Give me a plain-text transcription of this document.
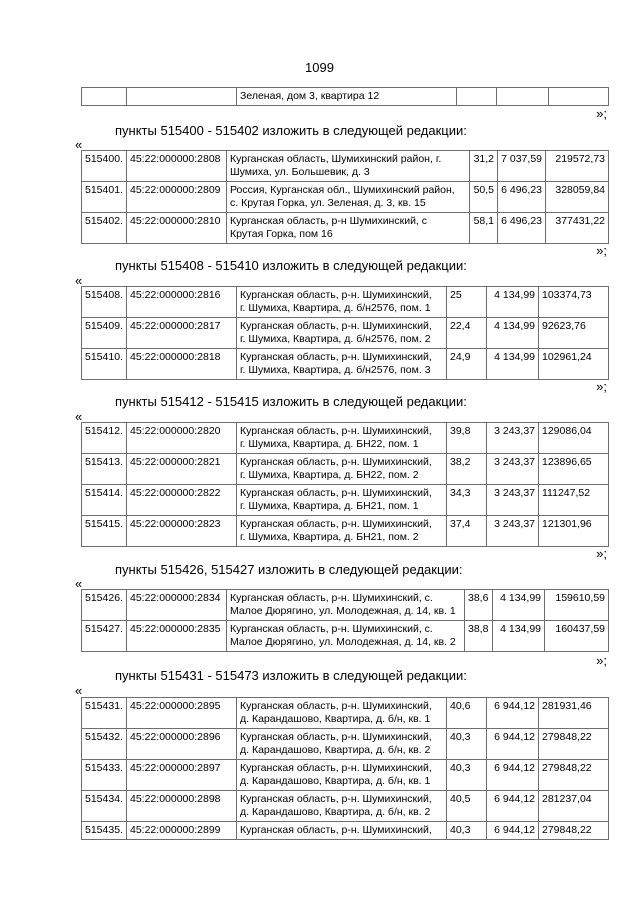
1099
		Зеленая, дом 3, квартира 12			
»;
пункты 515400 - 515402 изложить в следующей редакции:
«
515400.	45:22:000000:2808	Курганская область, Шумихинский район, г.
Шумиха, ул. Большевик, д. 3	31,2	7 037,59	219572,73
515401.	45:22:000000:2809	Россия, Курганская обл., Шумихинский район,
с. Крутая Горка, ул. Зеленая, д. 3, кв. 15	50,5	6 496,23	328059,84
515402.	45:22:000000:2810	Курганская область, р-н Шумихинский, с
Крутая Горка, пом 16	58,1	6 496,23	377431,22
»;
пункты 515408 - 515410 изложить в следующей редакции:
«
515408.	45:22:000000:2816	Курганская область, р-н. Шумихинский,
г. Шумиха, Квартира, д. б/н2576, пом. 1	25	4 134,99	103374,73
515409.	45:22:000000:2817	Курганская область, р-н. Шумихинский,
г. Шумиха, Квартира, д. б/н2576, пом. 2	22,4	4 134,99	92623,76
515410.	45:22:000000:2818	Курганская область, р-н. Шумихинский,
г. Шумиха, Квартира, д. б/н2576, пом. 3	24,9	4 134,99	102961,24
»;
пункты 515412 - 515415 изложить в следующей редакции:
«
515412.	45:22:000000:2820	Курганская область, р-н. Шумихинский,
г. Шумиха, Квартира, д. БН22, пом. 1	39,8	3 243,37	129086,04
515413.	45:22:000000:2821	Курганская область, р-н. Шумихинский,
г. Шумиха, Квартира, д. БН22, пом. 2	38,2	3 243,37	123896,65
515414.	45:22:000000:2822	Курганская область, р-н. Шумихинский,
г. Шумиха, Квартира, д. БН21, пом. 1	34,3	3 243,37	111247,52
515415.	45:22:000000:2823	Курганская область, р-н. Шумихинский,
г. Шумиха, Квартира, д. БН21, пом. 2	37,4	3 243,37	121301,96
»;
пункты 515426, 515427 изложить в следующей редакции:
«
515426.	45:22:000000:2834	Курганская область, р-н. Шумихинский, с.
Малое Дюрягино, ул. Молодежная, д. 14, кв. 1	38,6	4 134,99	159610,59
515427.	45:22:000000:2835	Курганская область, р-н. Шумихинский, с.
Малое Дюрягино, ул. Молодежная, д. 14, кв. 2	38,8	4 134,99	160437,59
»;
пункты 515431 - 515473 изложить в следующей редакции:
«
515431.	45:22:000000:2895	Курганская область, р-н. Шумихинский,
д. Карандашово, Квартира, д. б/н, кв. 1	40,6	6 944,12	281931,46
515432.	45:22:000000:2896	Курганская область, р-н. Шумихинский,
д. Карандашово, Квартира, д. б/н, кв. 2	40,3	6 944,12	279848,22
515433.	45:22:000000:2897	Курганская область, р-н. Шумихинский,
д. Карандашово, Квартира, д. б/н, кв. 1	40,3	6 944,12	279848,22
515434.	45:22:000000:2898	Курганская область, р-н. Шумихинский,
д. Карандашово, Квартира, д. б/н, кв. 2	40,5	6 944,12	281237,04
515435.	45:22:000000:2899	Курганская область, р-н. Шумихинский,	40,3	6 944,12	279848,22
